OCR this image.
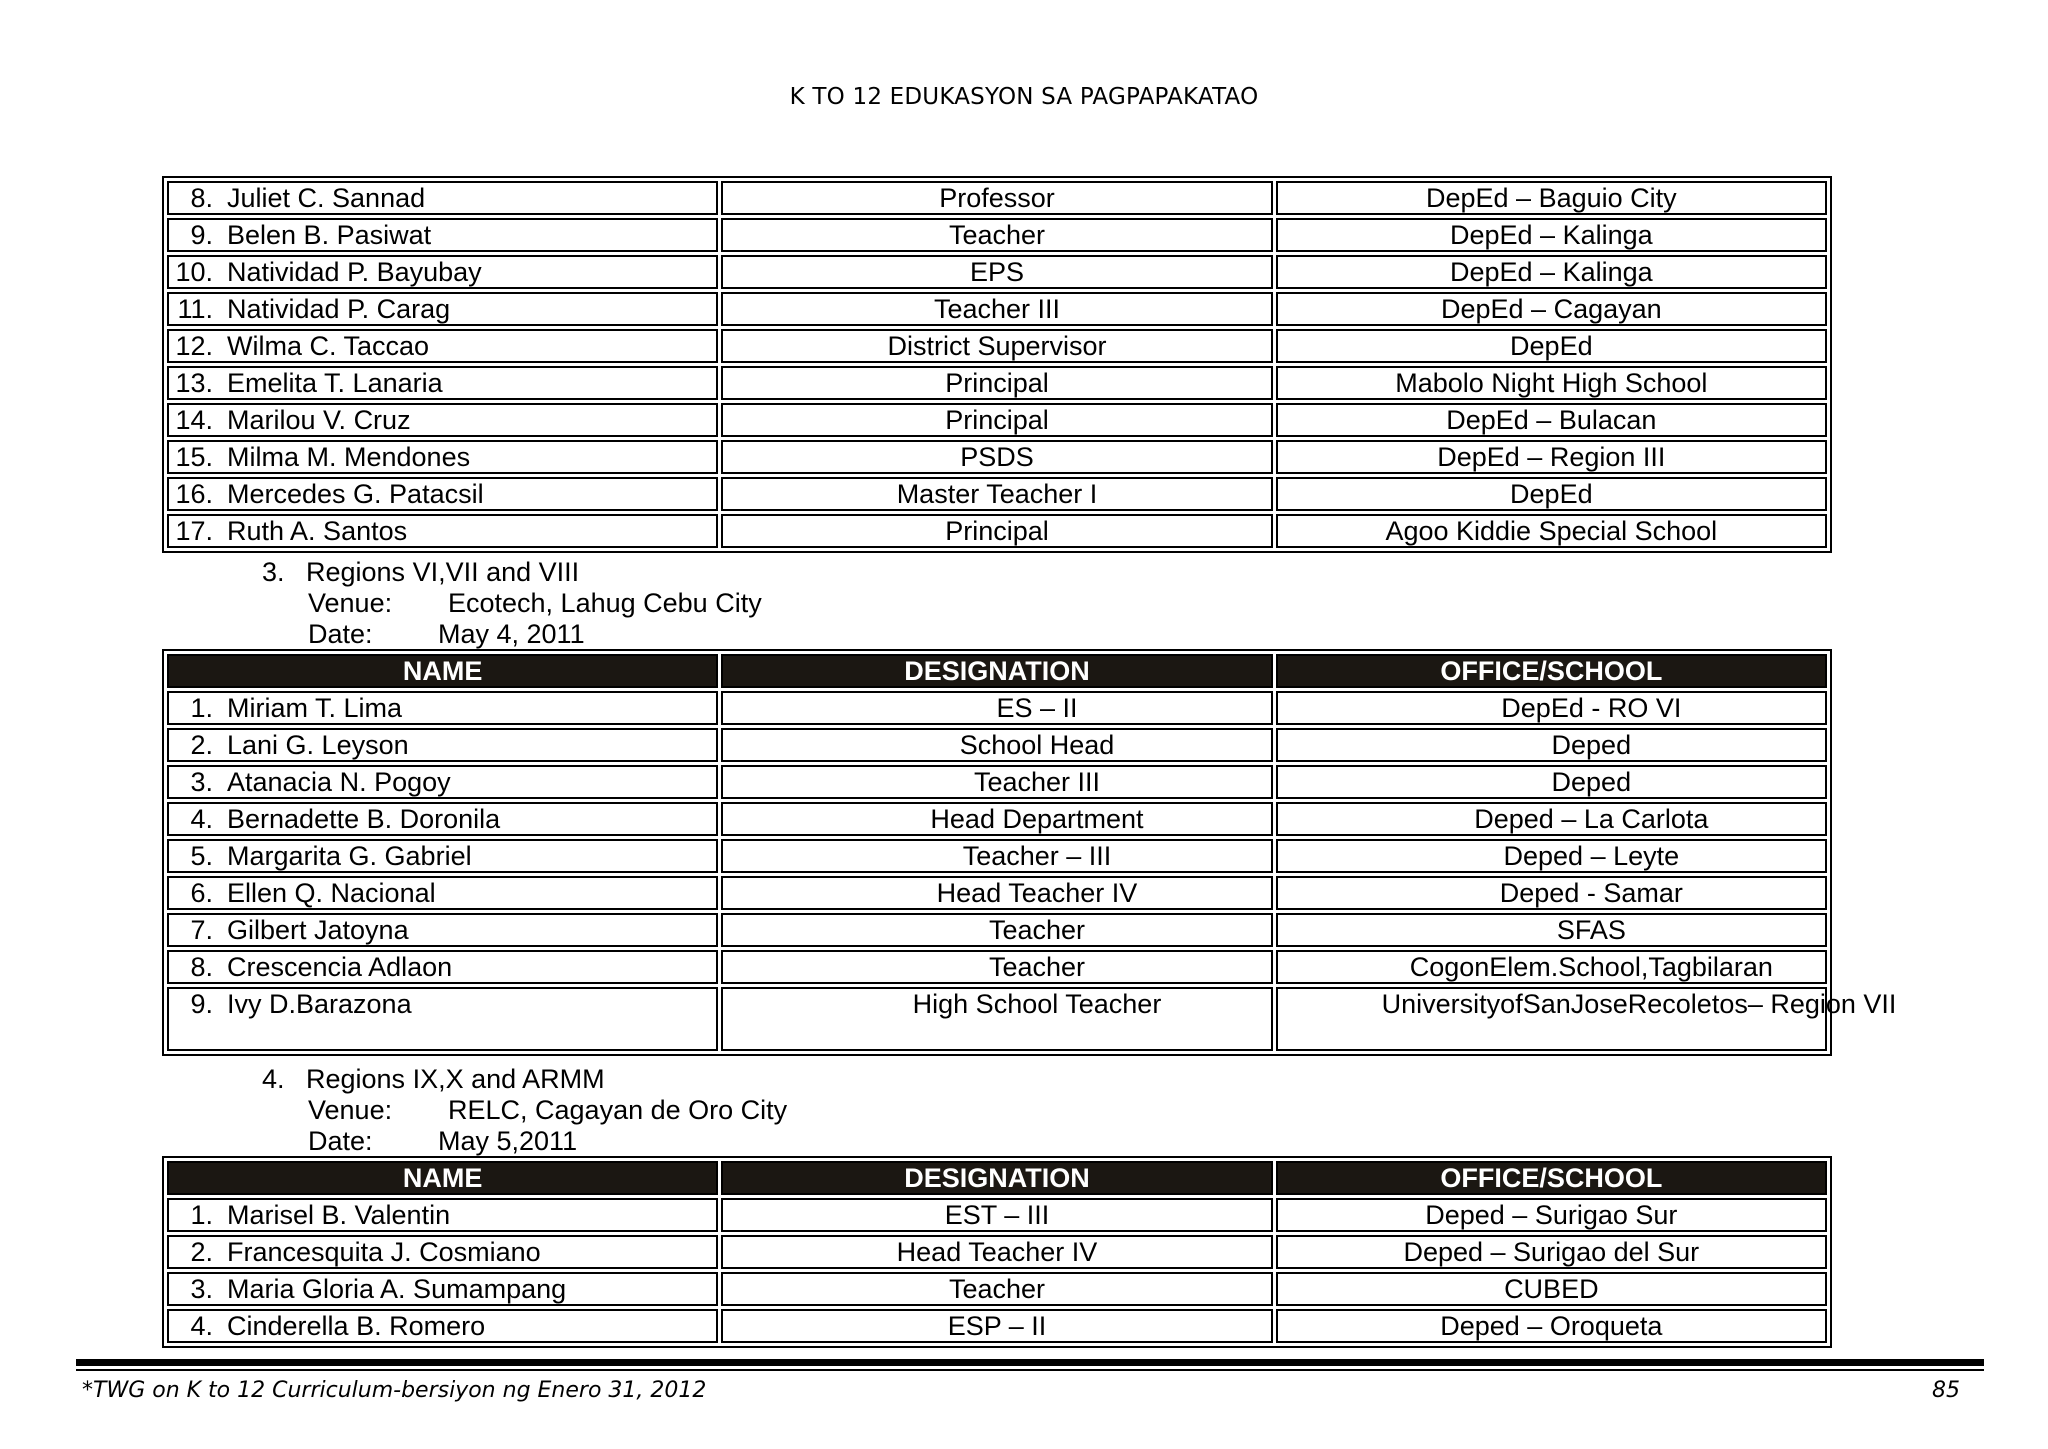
K TO 12 EDUKASYON SA PAGPAPAKATAO
8. Juliet C. Sannad	Professor	DepEd – Baguio City
9. Belen B. Pasiwat	Teacher	DepEd – Kalinga
10. Natividad P. Bayubay	EPS	DepEd – Kalinga
11. Natividad P. Carag	Teacher III	DepEd – Cagayan
12. Wilma C. Taccao	District Supervisor	DepEd
13. Emelita T. Lanaria	Principal	Mabolo Night High School
14. Marilou V. Cruz	Principal	DepEd – Bulacan
15. Milma M. Mendones	PSDS	DepEd – Region III
16. Mercedes G. Patacsil	Master Teacher I	DepEd
17. Ruth A. Santos	Principal	Agoo Kiddie Special School
3. Regions VI,VII and VIII
Venue: Ecotech, Lahug Cebu City
Date: May 4, 2011
NAME	DESIGNATION	OFFICE/SCHOOL
1. Miriam T. Lima	ES – II	DepEd - RO VI
2. Lani G. Leyson	School Head	Deped
3. Atanacia N. Pogoy	Teacher III	Deped
4. Bernadette B. Doronila	Head Department	Deped – La Carlota
5. Margarita G. Gabriel	Teacher – III	Deped – Leyte
6. Ellen Q. Nacional	Head Teacher IV	Deped - Samar
7. Gilbert Jatoyna	Teacher	SFAS
8. Crescencia Adlaon	Teacher	CogonElem.School,Tagbilaran
9. Ivy D.Barazona	High School Teacher	UniversityofSanJoseRecoletos– Region VII
4. Regions IX,X and ARMM
Venue: RELC, Cagayan de Oro City
Date: May 5,2011
NAME	DESIGNATION	OFFICE/SCHOOL
1. Marisel B. Valentin	EST – III	Deped – Surigao Sur
2. Francesquita J. Cosmiano	Head Teacher IV	Deped – Surigao del Sur
3. Maria Gloria A. Sumampang	Teacher	CUBED
4. Cinderella B. Romero	ESP – II	Deped – Oroqueta
*TWG on K to 12 Curriculum-bersiyon ng Enero 31, 2012	85
